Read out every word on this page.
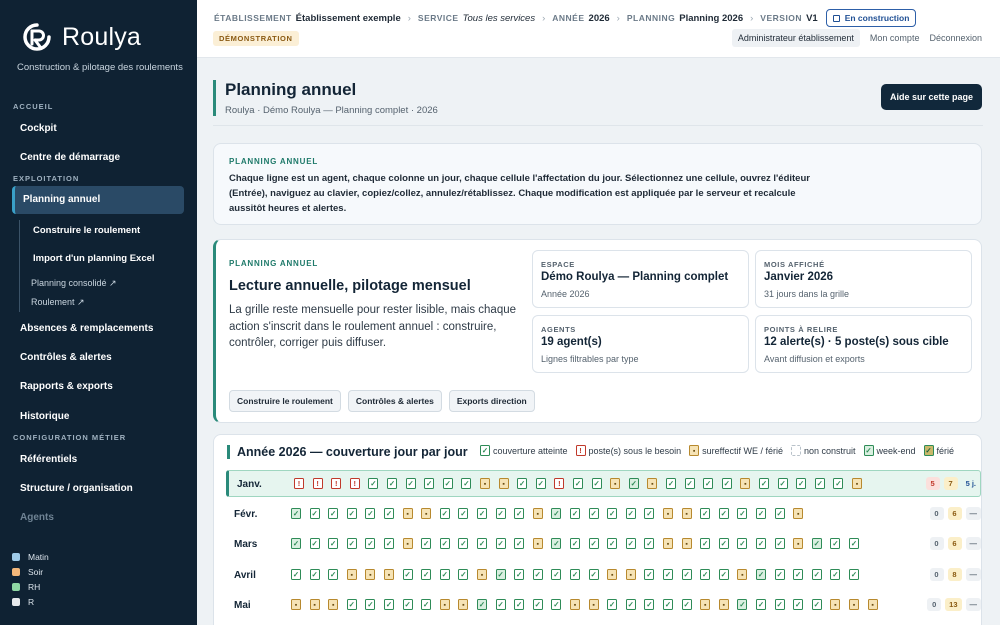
Roulya
Construction & pilotage des roulements
ACCUEIL
Cockpit
Centre de démarrage
EXPLOITATION
Planning annuel
Construire le roulement
Import d'un planning Excel
Planning consolidé ↗
Roulement ↗
Absences & remplacements
Contrôles & alertes
Rapports & exports
Historique
CONFIGURATION MÉTIER
Référentiels
Structure / organisation
Agents
Matin
Soir
RH
R
ÉTABLISSEMENT Établissement exemple › SERVICE Tous les services › ANNÉE 2026 › PLANNING Planning 2026 › VERSION V1	En construction
DÉMONSTRATION	Administrateur établissement	Mon compte Déconnexion
Planning annuel
Roulya · Démo Roulya — Planning complet · 2026
Aide sur cette page
PLANNING ANNUEL
Chaque ligne est un agent, chaque colonne un jour, chaque cellule l'affectation du jour. Sélectionnez une cellule, ouvrez l'éditeur (Entrée), naviguez au clavier, copiez/collez, annulez/rétablissez. Chaque modification est appliquée par le serveur et recalcule aussitôt heures et alertes.
PLANNING ANNUEL
Lecture annuelle, pilotage mensuel
La grille reste mensuelle pour rester lisible, mais chaque action s'inscrit dans le roulement annuel : construire, contrôler, corriger puis diffuser.
Construire le roulement	Contrôles & alertes	Exports direction
ESPACE
Démo Roulya — Planning complet
Année 2026
MOIS AFFICHÉ
Janvier 2026
31 jours dans la grille
AGENTS
19 agent(s)
Lignes filtrables par type
POINTS À RELIRE
12 alerte(s) · 5 poste(s) sous cible
Avant diffusion et exports
Année 2026 — couverture jour par jour ✓	couverture atteinte ! poste(s) sous le besoin ▪ sureffectif WE / férié non construit ✓ week-end ✓ férié
Janv. ! ! ! ! ✓ ✓ ✓ ✓ ✓ ✓ ▪ ▪ ✓ ✓ ! ✓ ✓ ▪ ✓ ▪ ✓ ✓ ✓ ✓ ▪ ✓ ✓ ✓ ✓ ✓ ▪	5	7	5 j.
Févr. ✓ ✓ ✓ ✓ ✓ ✓ ▪ ▪ ✓ ✓ ✓ ✓ ✓ ▪ ✓ ✓ ✓ ✓ ✓ ✓ ▪ ▪ ✓ ✓ ✓ ✓ ✓ ▪	0	6	—
Mars ✓ ✓ ✓ ✓ ✓ ✓ ▪ ✓ ✓ ✓ ✓ ✓ ✓ ▪ ✓ ✓ ✓ ✓ ✓ ✓ ▪ ▪ ✓ ✓ ✓ ✓ ✓ ▪ ✓ ✓ ✓	0	6	—
Avril ✓ ✓ ✓ ▪ ▪ ▪ ✓ ✓ ✓ ✓ ▪ ✓ ✓ ✓ ✓ ✓ ✓ ▪ ▪ ✓ ✓ ✓ ✓ ✓ ▪ ✓ ✓ ✓ ✓ ✓ ✓	0	8	—
Mai ▪ ▪ ▪ ✓ ✓ ✓ ✓ ✓ ▪ ▪ ✓ ✓ ✓ ✓ ✓ ▪ ▪ ✓ ✓ ✓ ✓ ✓ ▪ ▪ ✓ ✓ ✓ ✓ ✓ ▪ ▪ ▪	0	13	—
